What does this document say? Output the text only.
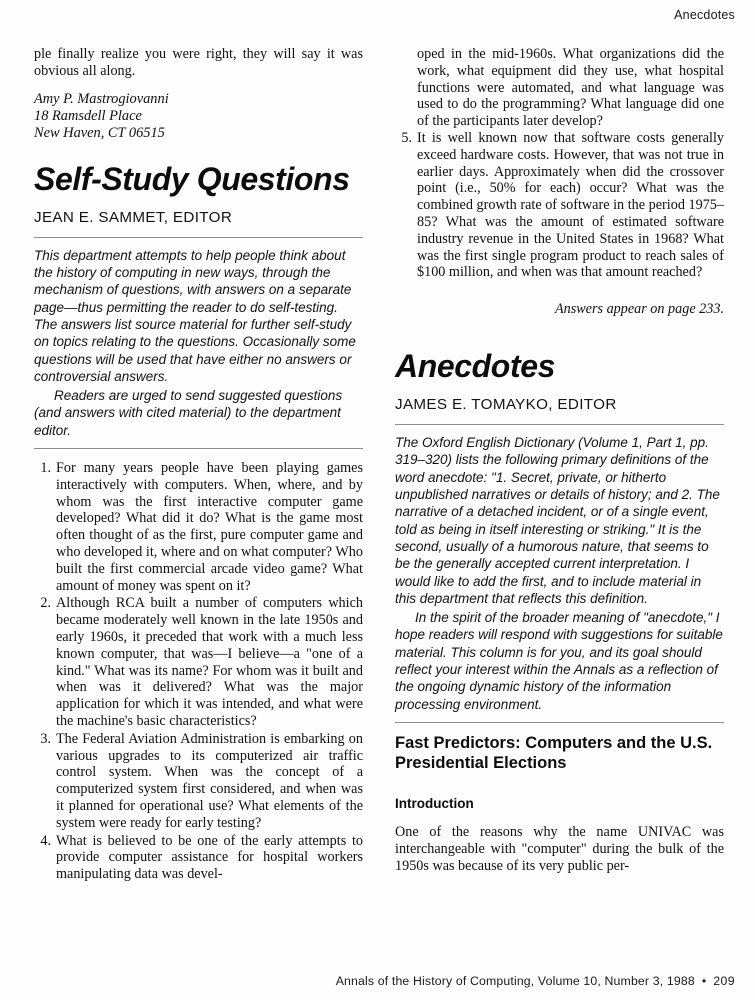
Anecdotes

ple finally realize you were right, they will say it was obvious all along.

Amy P. Mastrogiovanni
18 Ramsdell Place
New Haven, CT 06515
Self-Study Questions
JEAN E. SAMMET, EDITOR

This department attempts to help people think about the history of computing in new ways, through the mechanism of questions, with answers on a separate page—thus permitting the reader to do self-testing. The answers list source material for further self-study on topics relating to the questions. Occasionally some questions will be used that have either no answers or controversial answers.

Readers are urged to send suggested questions (and answers with cited material) to the department editor.

For many years people have been playing games interactively with computers. When, where, and by whom was the first interactive computer game developed? What did it do? What is the game most often thought of as the first, pure computer game and who developed it, where and on what computer? Who built the first commercial arcade video game? What amount of money was spent on it?
Although RCA built a number of computers which became moderately well known in the late 1950s and early 1960s, it preceded that work with a much less known computer, that was—I believe—a "one of a kind." What was its name? For whom was it built and when was it delivered? What was the major application for which it was intended, and what were the machine's basic characteristics?
The Federal Aviation Administration is embarking on various upgrades to its computerized air traffic control system. When was the concept of a computerized system first considered, and when was it planned for operational use? What elements of the system were ready for early testing?
What is believed to be one of the early attempts to provide computer assistance for hospital workers manipulating data was devel-

oped in the mid-1960s. What organizations did the work, what equipment did they use, what hospital functions were automated, and what language was used to do the programming? What language did one of the participants later develop?

It is well known now that software costs generally exceed hardware costs. However, that was not true in earlier days. Approximately when did the crossover point (i.e., 50% for each) occur? What was the combined growth rate of software in the period 1975–85? What was the amount of estimated software industry revenue in the United States in 1968? What was the first single program product to reach sales of $100 million, and when was that amount reached?

Answers appear on page 233.

Anecdotes
JAMES E. TOMAYKO, EDITOR

The Oxford English Dictionary (Volume 1, Part 1, pp. 319–320) lists the following primary definitions of the word anecdote: "1. Secret, private, or hitherto unpublished narratives or details of history; and 2. The narrative of a detached incident, or of a single event, told as being in itself interesting or striking." It is the second, usually of a humorous nature, that seems to be the generally accepted current interpretation. I would like to add the first, and to include material in this department that reflects this definition.

In the spirit of the broader meaning of "anecdote," I hope readers will respond with suggestions for suitable material. This column is for you, and its goal should reflect your interest within the Annals as a reflection of the ongoing dynamic history of the information processing environment.

Fast Predictors: Computers and the U.S. Presidential Elections
Introduction

One of the reasons why the name UNIVAC was interchangeable with "computer" during the bulk of the 1950s was because of its very public per-

Annals of the History of Computing, Volume 10, Number 3, 1988 • 209
